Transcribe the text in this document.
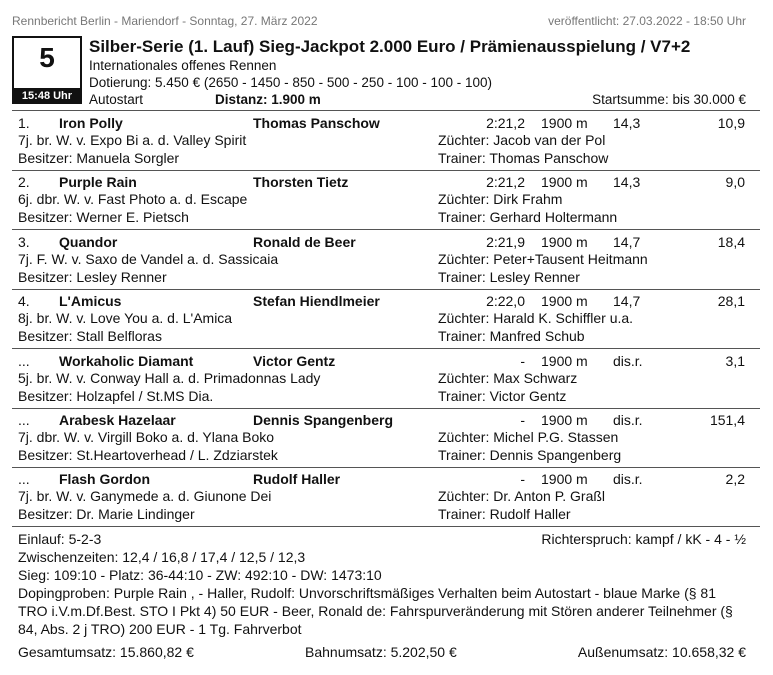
Rennbericht Berlin - Mariendorf - Sonntag, 27. März 2022	veröffentlicht: 27.03.2022 - 18:50 Uhr
5
15:48 Uhr
Silber-Serie (1. Lauf) Sieg-Jackpot 2.000 Euro / Prämienausspielung / V7+2
Internationales offenes Rennen
Dotierung: 5.450 € (2650 - 1450 - 850 - 500 - 250 - 100 - 100 - 100)
Autostart	Distanz: 1.900 m	Startsumme: bis 30.000 €
1. Iron Polly	Thomas Panschow	2:21,2 1900 m 14,3	10,9
7j. br. W. v. Expo Bi a. d. Valley Spirit	Züchter: Jacob van der Pol
Besitzer: Manuela Sorgler	Trainer: Thomas Panschow
2. Purple Rain	Thorsten Tietz	2:21,2 1900 m 14,3	9,0
6j. dbr. W. v. Fast Photo a. d. Escape	Züchter: Dirk Frahm
Besitzer: Werner E. Pietsch	Trainer: Gerhard Holtermann
3. Quandor	Ronald de Beer	2:21,9 1900 m 14,7	18,4
7j. F. W. v. Saxo de Vandel a. d. Sassicaia	Züchter: Peter+Tausent Heitmann
Besitzer: Lesley Renner	Trainer: Lesley Renner
4. L'Amicus	Stefan Hiendlmeier	2:22,0 1900 m 14,7	28,1
8j. br. W. v. Love You a. d. L'Amica	Züchter: Harald K. Schiffler u.a.
Besitzer: Stall Belfloras	Trainer: Manfred Schub
... Workaholic Diamant	Victor Gentz	- 1900 m dis.r.	3,1
5j. br. W. v. Conway Hall a. d. Primadonnas Lady	Züchter: Max Schwarz
Besitzer: Holzapfel / St.MS Dia.	Trainer: Victor Gentz
... Arabesk Hazelaar	Dennis Spangenberg	- 1900 m dis.r.	151,4
7j. dbr. W. v. Virgill Boko a. d. Ylana Boko	Züchter: Michel P.G. Stassen
Besitzer: St.Heartoverhead / L. Zdziarstek	Trainer: Dennis Spangenberg
... Flash Gordon	Rudolf Haller	- 1900 m dis.r.	2,2
7j. br. W. v. Ganymede a. d. Giunone Dei	Züchter: Dr. Anton P. Graßl
Besitzer: Dr. Marie Lindinger	Trainer: Rudolf Haller
Einlauf: 5-2-3	Richterspruch: kampf / kK - 4 - ½
Zwischenzeiten: 12,4 / 16,8 / 17,4 / 12,5 / 12,3
Sieg: 109:10 - Platz: 36-44:10 - ZW: 492:10 - DW: 1473:10
Dopingproben: Purple Rain , - Haller, Rudolf: Unvorschriftsmäßiges Verhalten beim Autostart - blaue Marke (§ 81
TRO i.V.m.Df.Best. STO I Pkt 4) 50 EUR - Beer, Ronald de: Fahrspurveränderung mit Stören anderer Teilnehmer (§
84, Abs. 2 j TRO) 200 EUR - 1 Tg. Fahrverbot
Gesamtumsatz: 15.860,82 €	Bahnumsatz: 5.202,50 €	Außenumsatz: 10.658,32 €
